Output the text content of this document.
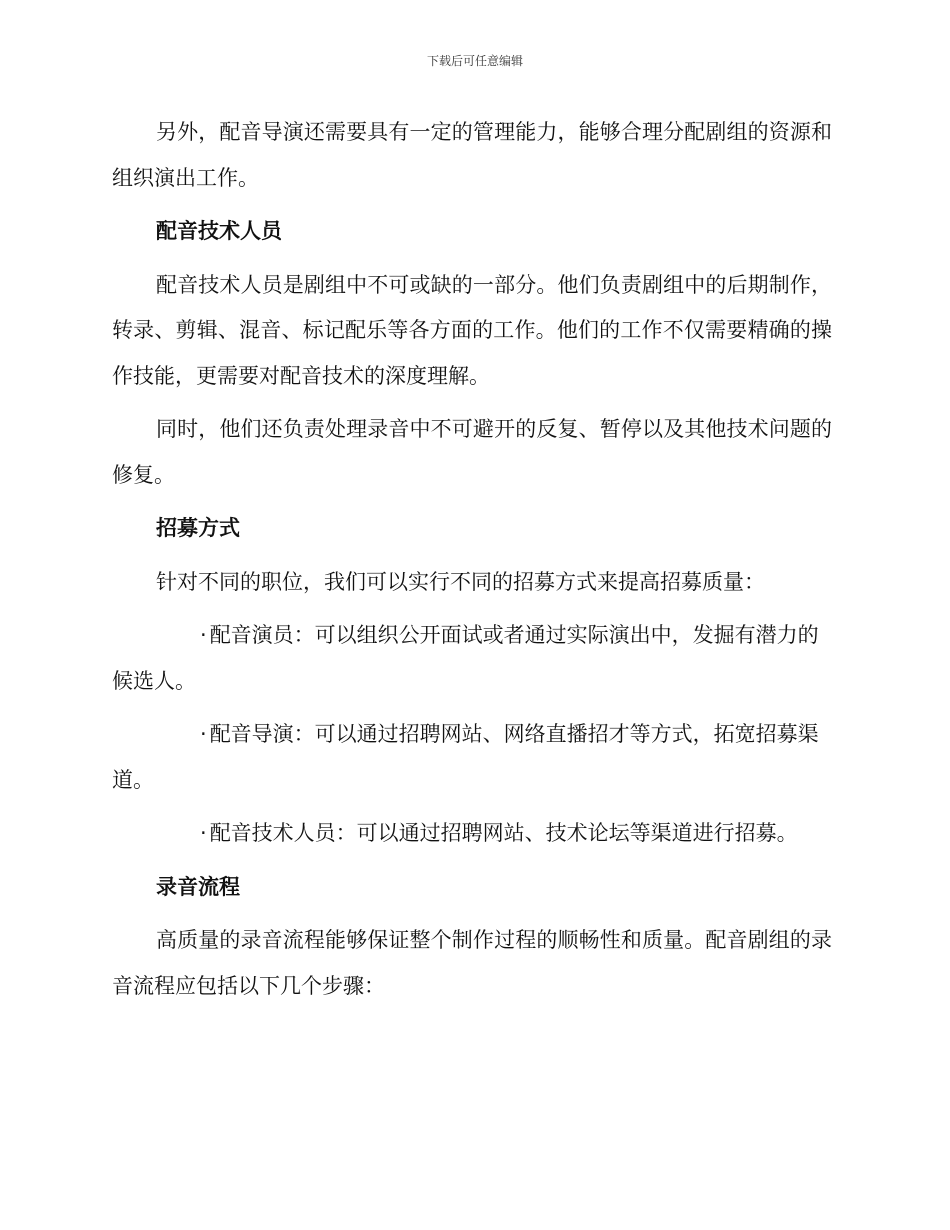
下载后可任意编辑

另外，配音导演还需要具有一定的管理能力，能够合理分配剧组的资源和组织演出工作。

配音技术人员

配音技术人员是剧组中不可或缺的一部分。他们负责剧组中的后期制作，转录、剪辑、混音、标记配乐等各方面的工作。他们的工作不仅需要精确的操作技能，更需要对配音技术的深度理解。

同时，他们还负责处理录音中不可避开的反复、暂停以及其他技术问题的修复。

招募方式

针对不同的职位，我们可以实行不同的招募方式来提高招募质量：

· 配音演员：可以组织公开面试或者通过实际演出中，发掘有潜力的候选人。

· 配音导演：可以通过招聘网站、网络直播招才等方式，拓宽招募渠道。

· 配音技术人员：可以通过招聘网站、技术论坛等渠道进行招募。

录音流程

高质量的录音流程能够保证整个制作过程的顺畅性和质量。配音剧组的录音流程应包括以下几个步骤：
